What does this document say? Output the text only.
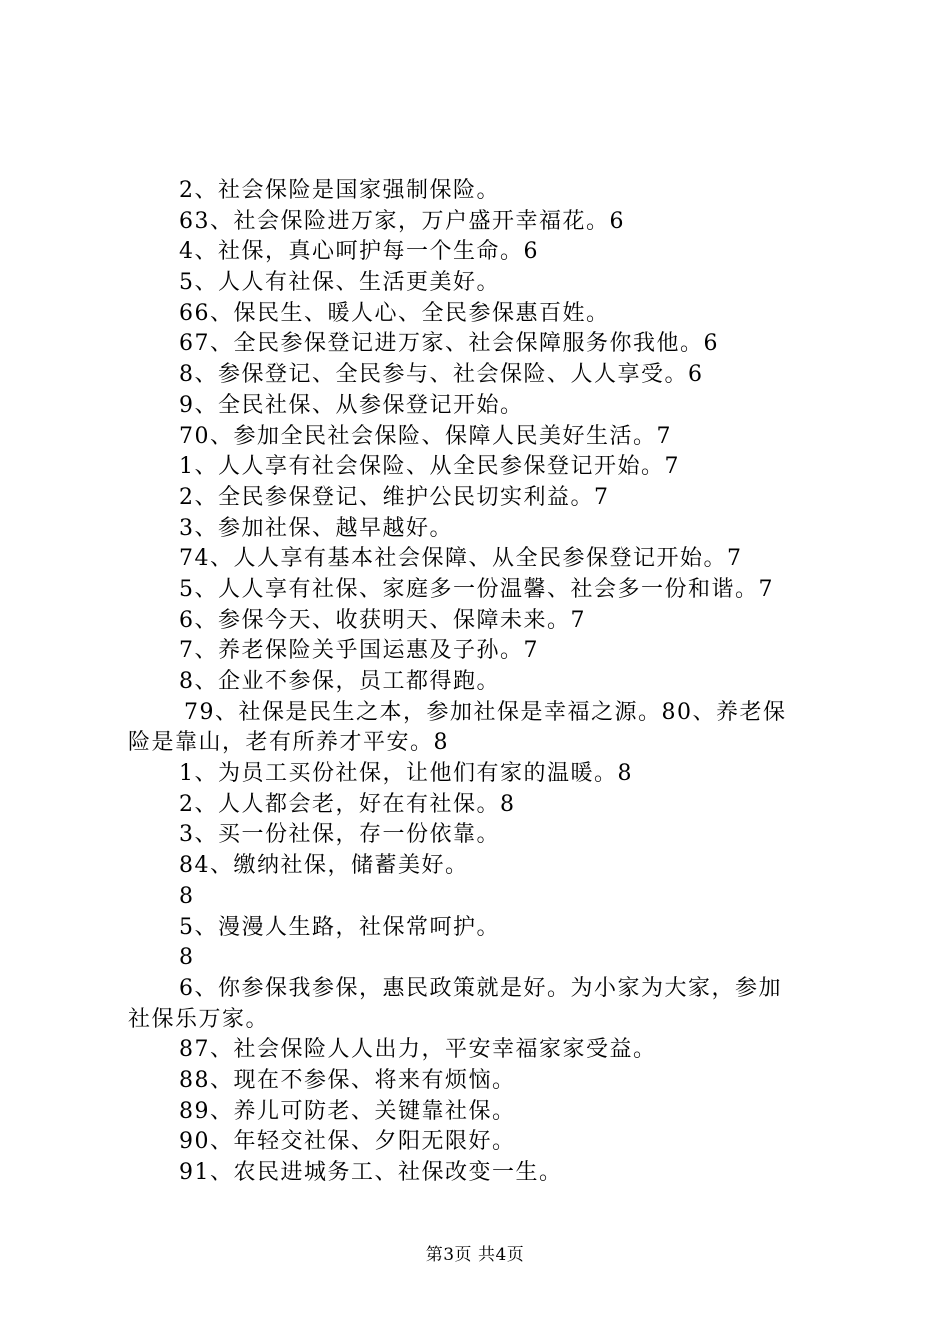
2、社会保险是国家强制保险。
63、社会保险进万家，万户盛开幸福花。6
4、社保，真心呵护每一个生命。6
5、人人有社保、生活更美好。
66、保民生、暖人心、全民参保惠百姓。
67、全民参保登记进万家、社会保障服务你我他。6
8、参保登记、全民参与、社会保险、人人享受。6
9、全民社保、从参保登记开始。
70、参加全民社会保险、保障人民美好生活。7
1、人人享有社会保险、从全民参保登记开始。7
2、全民参保登记、维护公民切实利益。7
3、参加社保、越早越好。
74、人人享有基本社会保障、从全民参保登记开始。7
5、人人享有社保、家庭多一份温馨、社会多一份和谐。7
6、参保今天、收获明天、保障未来。7
7、养老保险关乎国运惠及子孙。7
8、企业不参保，员工都得跑。
79、社保是民生之本，参加社保是幸福之源。80、养老保
险是靠山，老有所养才平安。8
1、为员工买份社保，让他们有家的温暖。8
2、人人都会老，好在有社保。8
3、买一份社保，存一份依靠。
84、缴纳社保，储蓄美好。
8
5、漫漫人生路，社保常呵护。
8
6、你参保我参保，惠民政策就是好。为小家为大家，参加
社保乐万家。
87、社会保险人人出力，平安幸福家家受益。
88、现在不参保、将来有烦恼。
89、养儿可防老、关键靠社保。
90、年轻交社保、夕阳无限好。
91、农民进城务工、社保改变一生。
第3页 共4页
